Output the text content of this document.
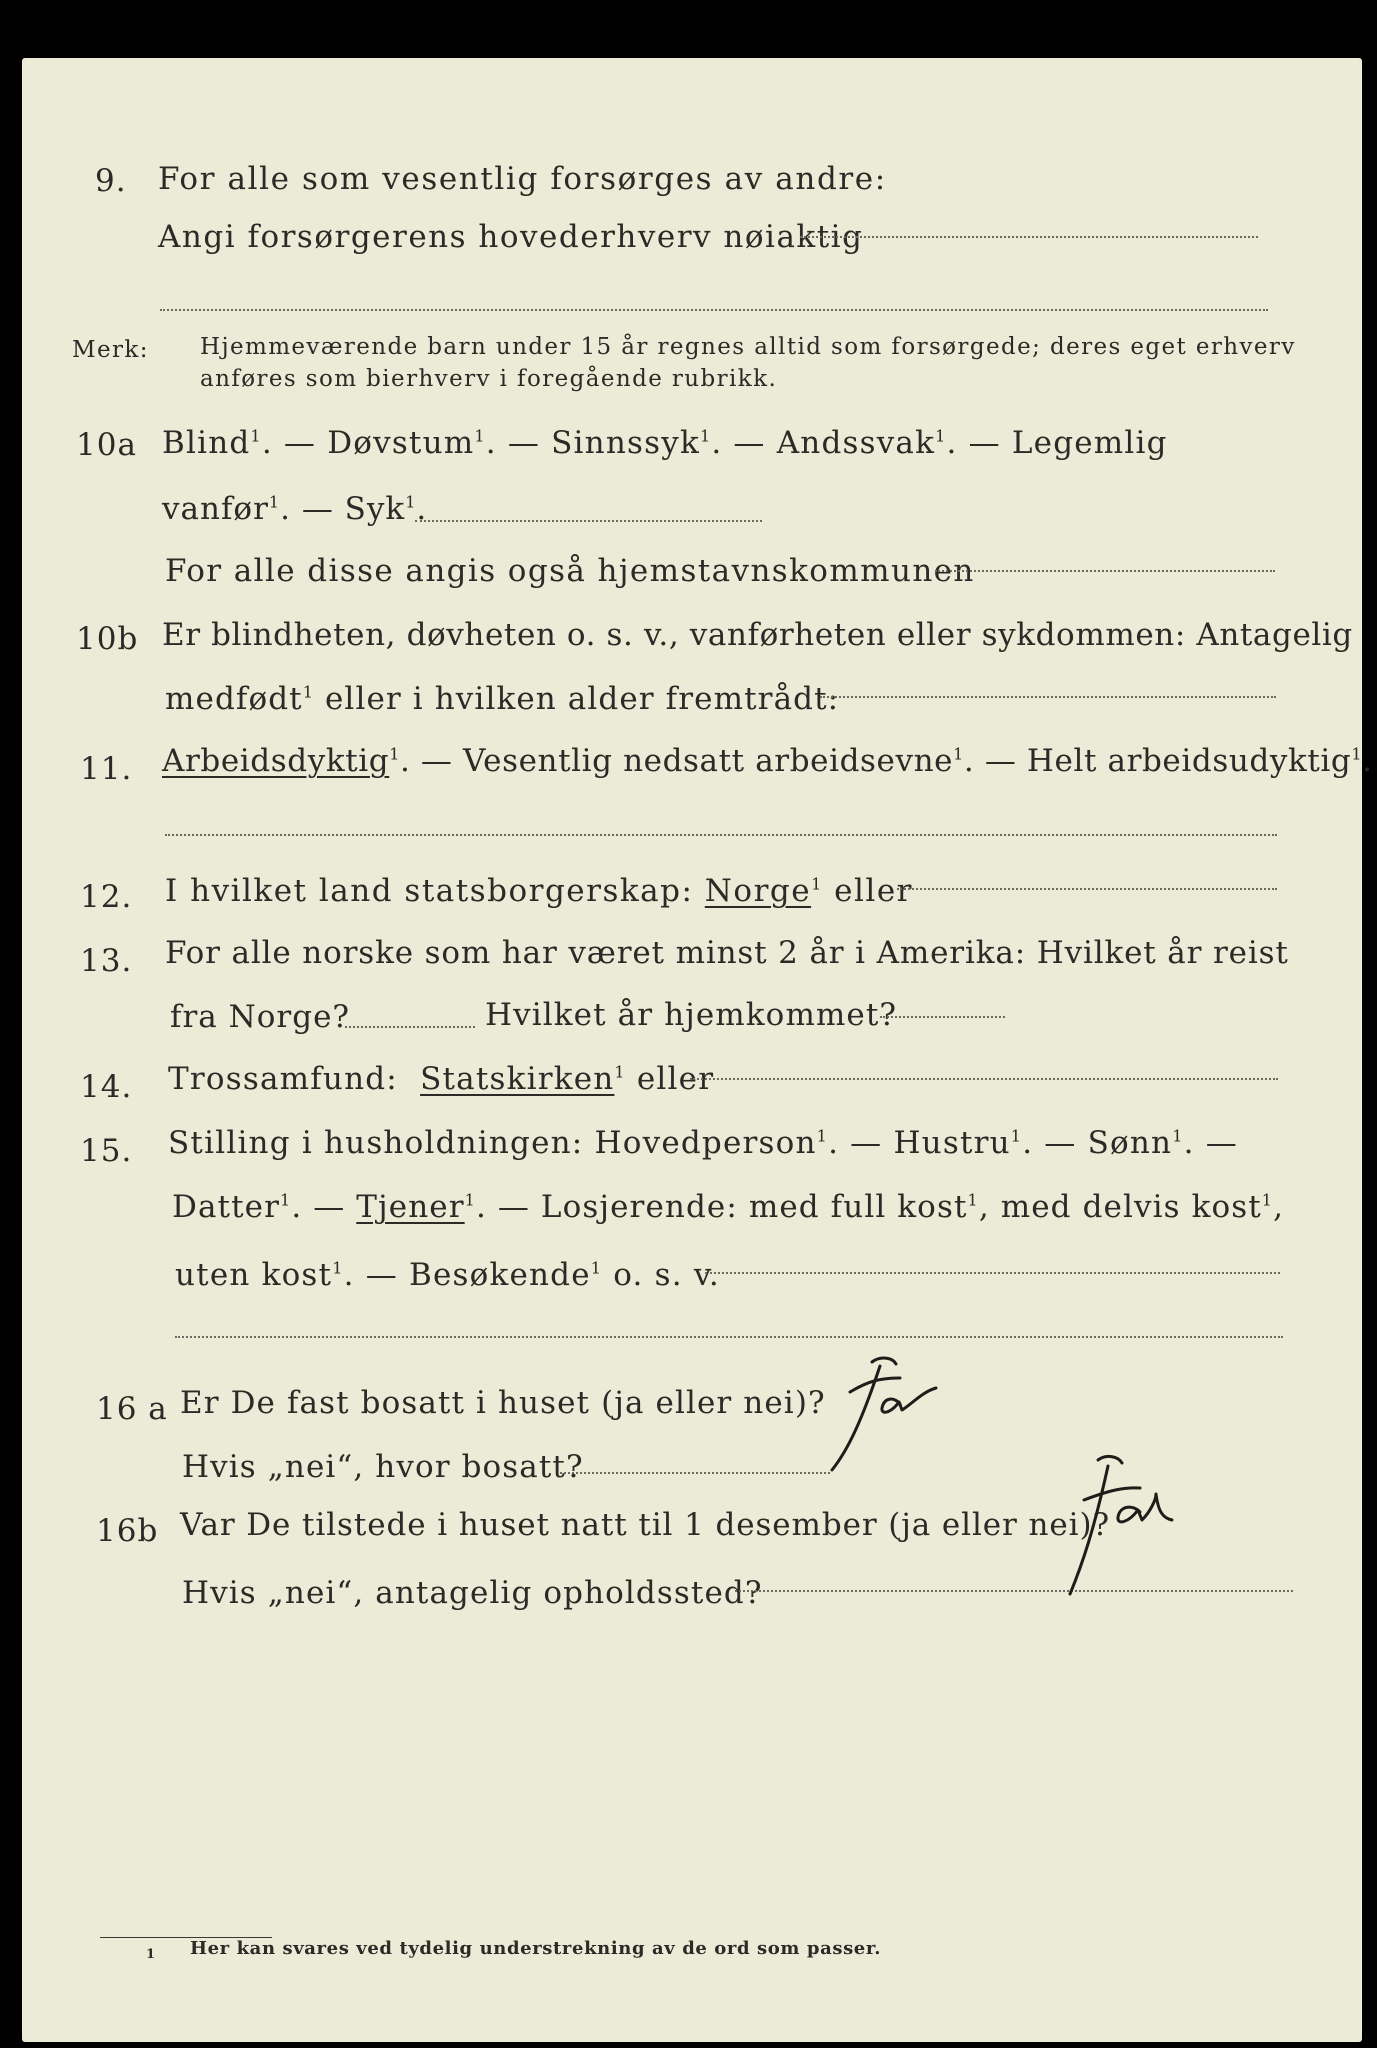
9. For alle som vesentlig forsørges av andre:
Angi forsørgerens hovederhverv nøiaktig
Merk: Hjemmeværende barn under 15 år regnes alltid som forsørgede; deres eget erhverv
anføres som bierhverv i foregående rubrikk.
10a Blind$^1$. — Døvstum$^1$. — Sinnssyk$^1$. — Andssvak$^1$. — Legemlig
vanfør$^1$. — Syk$^1$.
For alle disse angis også hjemstavnskommunen
10b Er blindheten, døvheten o. s. v., vanførheten eller sykdommen: Antagelig
medfødt$^1$ eller i hvilken alder fremtrådt:
11. Arbeidsdyktig$^1$. — Vesentlig nedsatt arbeidsevne$^1$. — Helt arbeidsudyktig$^1$.
12. I hvilket land statsborgerskap: Norge$^1$ eller
13. For alle norske som har været minst 2 år i Amerika: Hvilket år reist
fra Norge?	Hvilket år hjemkommet?
14. Trossamfund: Statskirken$^1$ eller
15. Stilling i husholdningen: Hovedperson$^1$. — Hustru$^1$. — Sønn$^1$. —
Datter$^1$. — Tjener$^1$. — Losjerende: med full kost$^1$, med delvis kost$^1$,
uten kost$^1$. — Besøkende$^1$ o. s. v.
16 a Er De fast bosatt i huset (ja eller nei)?
Hvis „nei“, hvor bosatt?
16b Var De tilstede i huset natt til 1 desember (ja eller nei)?
Hvis „nei“, antagelig opholdssted?
1 Her kan svares ved tydelig understrekning av de ord som passer.
